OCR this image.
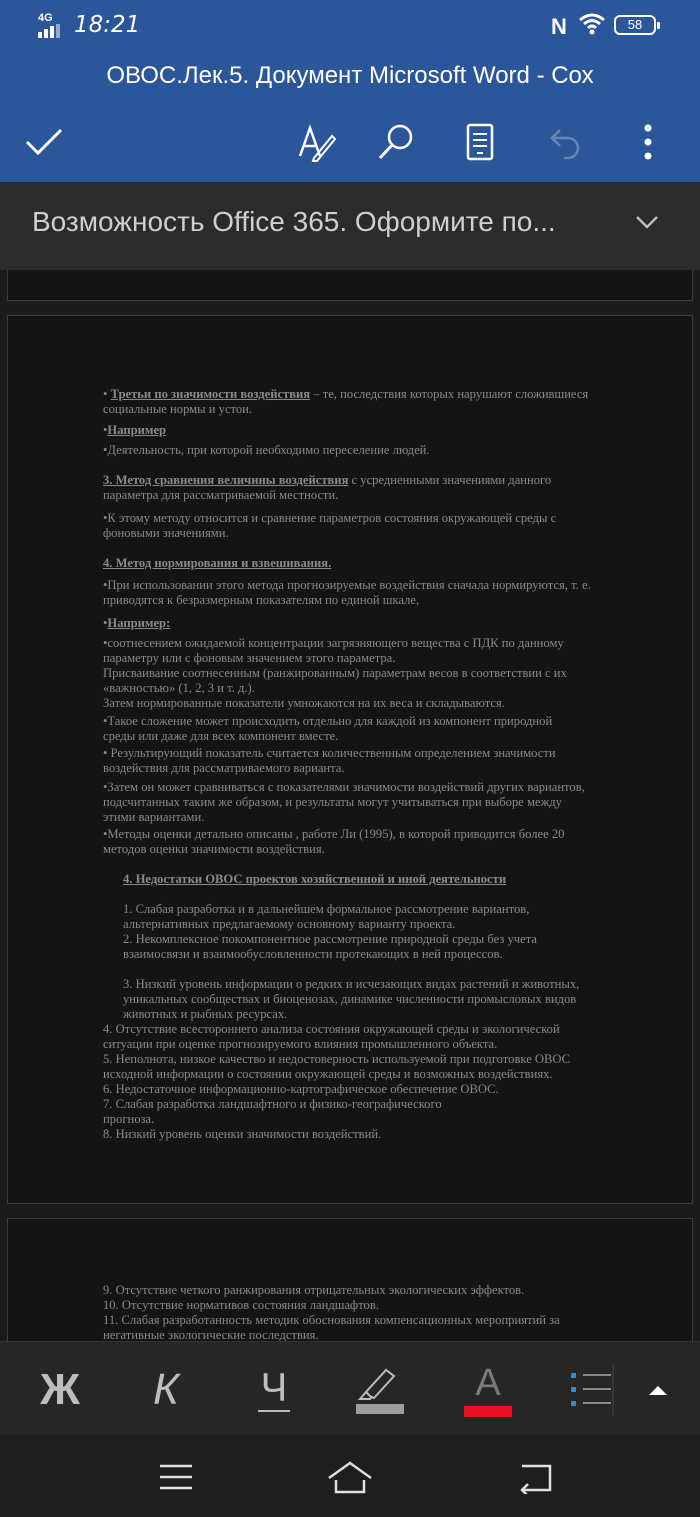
4G 18:21	N	58
ОВОС.Лек.5. Документ Microsoft Word - Сох
Возможность Office 365. Оформите по...
• Третьи по значимости воздействия – те, последствия которых нарушают сложившиеся
социальные нормы и устои.
•Например
•Деятельность, при которой необходимо переселение людей.
3. Метод сравнения величины воздействия с усредненными значениями данного
параметра для рассматриваемой местности.
•К этому методу относится и сравнение параметров состояния окружающей среды с
фоновыми значениями.
4. Метод нормирования и взвешивания.
•При использовании этого метода прогнозируемые воздействия сначала нормируются, т. е.
приводятся к безразмерным показателям по единой шкале,
•Например:
•соотнесением ожидаемой концентрации загрязняющего вещества с ПДК по данному
параметру или с фоновым значением этого параметра.
Присваивание соотнесенным (ранжированным) параметрам весов в соответствии с их
«важностью» (1, 2, 3 и т. д.).
Затем нормированные показатели умножаются на их веса и складываются.
•Такое сложение может происходить отдельно для каждой из компонент природной
среды или даже для всех компонент вместе.
• Результирующий показатель считается количественным определением значимости
воздействия для рассматриваемого варианта.
•Затем он может сравниваться с показателями значимости воздействий других вариантов,
подсчитанных таким же образом, и результаты могут учитываться при выборе между
этими вариантами.
•Методы оценки детально описаны , работе Ли (1995), в которой приводится более 20
методов оценки значимости воздействия.
4. Недостатки ОВОС проектов хозяйственной и иной деятельности
1. Слабая разработка и в дальнейшем формальное рассмотрение вариантов,
альтернативных предлагаемому основному варианту проекта.
2. Некомплексное покомпонентное рассмотрение природной среды без учета
взаимосвязи и взаимообусловленности протекающих в ней процессов.
3. Низкий уровень информации о редких и исчезающих видах растений и животных,
уникальных сообществах и биоценозах, динамике численности промысловых видов
животных и рыбных ресурсах.
4. Отсутствие всестороннего анализа состояния окружающей среды и экологической
ситуации при оценке прогнозируемого влияния промышленного объекта.
5. Неполнота, низкое качество и недостоверность используемой при подготовке ОВОС
исходной информации о состоянии окружающей среды и возможных воздействиях.
6. Недостаточное информационно-картографическое обеспечение ОВОС.
7. Слабая разработка ландшафтного и физико-географического
прогноза.
8. Низкий уровень оценки значимости воздействий.
9. Отсутствие четкого ранжирования отрицательных экологических эффектов.
10. Отсутствие нормативов состояния ландшафтов.
11. Слабая разработанность методик обоснования компенсационных мероприятий за
негативные экологические последствия.
Ж К Ч	А
